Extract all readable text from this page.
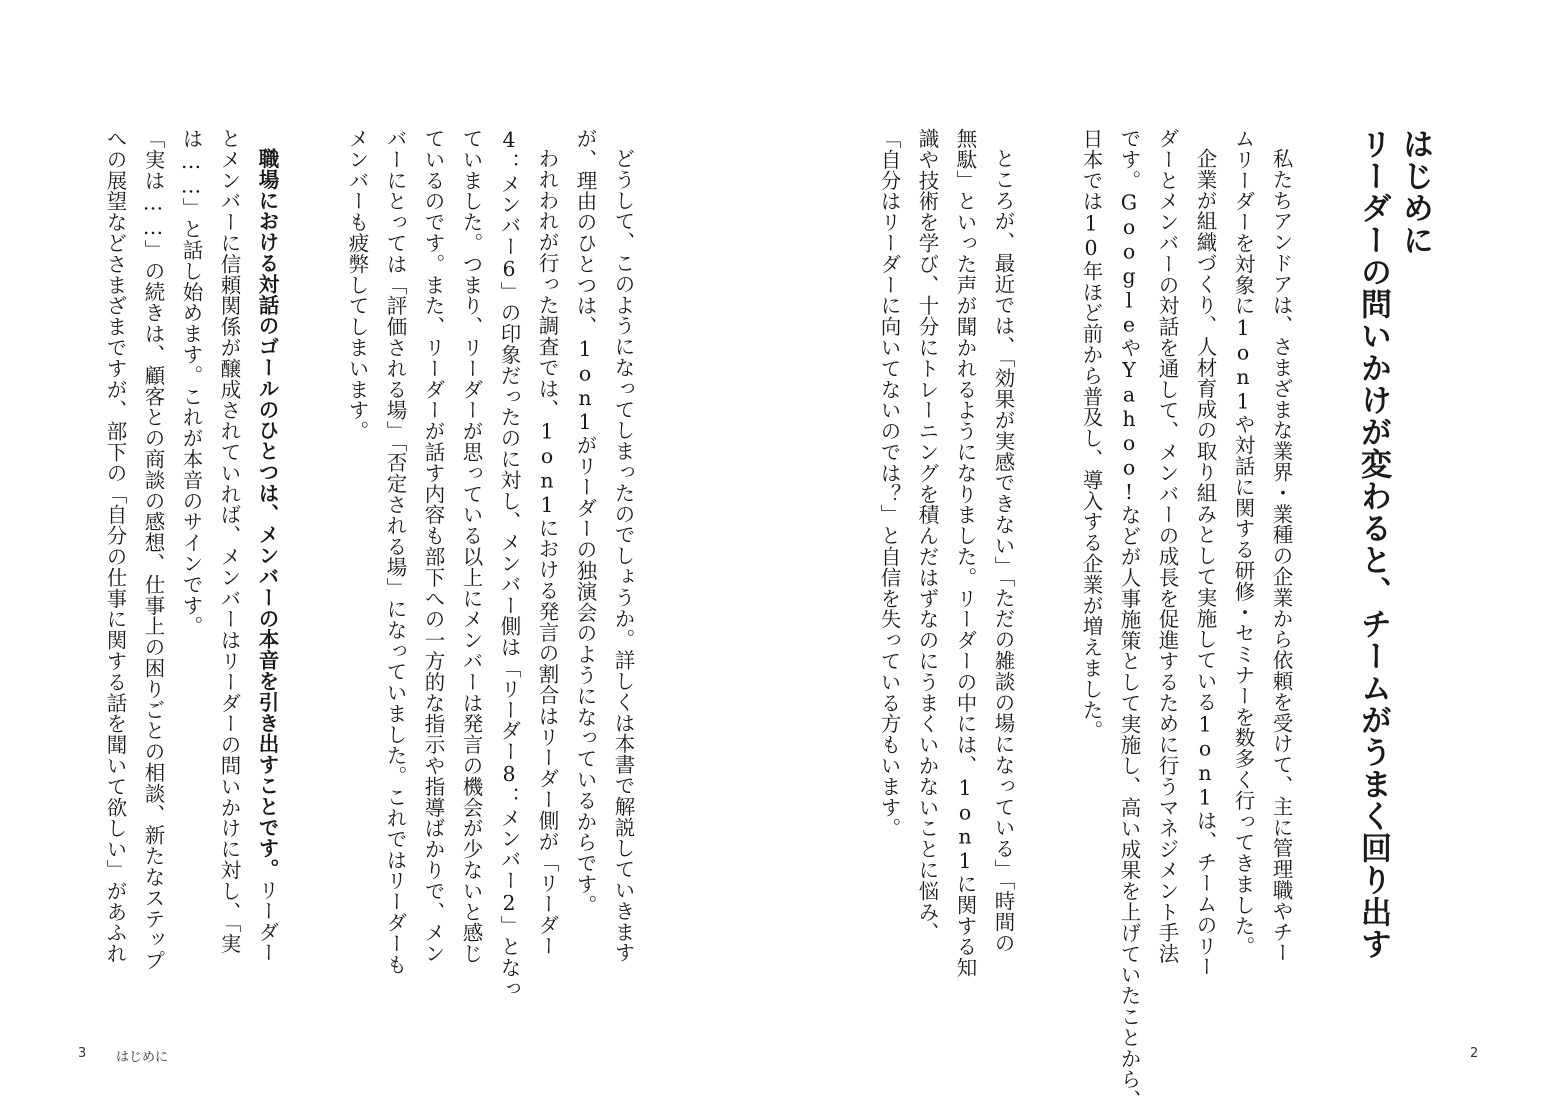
はじめに

リーダーの問いかけが変わると、チームがうまく回り出す

私たちアンドアは、さまざまな業界・業種の企業から依頼を受けて、主に管理職やチー

ムリーダーを対象に1on1や対話に関する研修・セミナーを数多く行ってきました。

企業が組織づくり、人材育成の取り組みとして実施している1on1は、チームのリー

ダーとメンバーの対話を通して、メンバーの成長を促進するために行うマネジメント手法

です。GoogleやYahoo!などが人事施策として実施し、高い成果を上げていたことから、

日本では10年ほど前から普及し、導入する企業が増えました。

ところが、最近では、「効果が実感できない」「ただの雑談の場になっている」「時間の

無駄」といった声が聞かれるようになりました。リーダーの中には、1on1に関する知

識や技術を学び、十分にトレーニングを積んだはずなのにうまくいかないことに悩み、

「自分はリーダーに向いてないのでは？」と自信を失っている方もいます。

2

どうして、このようになってしまったのでしょうか。詳しくは本書で解説していきます

が、理由のひとつは、1on1がリーダーの独演会のようになっているからです。

われわれが行った調査では、1on1における発言の割合はリーダー側が「リーダー

4：メンバー6」の印象だったのに対し、メンバー側は「リーダー8：メンバー2」となっ

ていました。つまり、リーダーが思っている以上にメンバーは発言の機会が少ないと感じ

ているのです。また、リーダーが話す内容も部下への一方的な指示や指導ばかりで、メン

バーにとっては「評価される場」「否定される場」になっていました。これではリーダーも

メンバーも疲弊してしまいます。

職場における対話のゴールのひとつは、メンバーの本音を引き出すことです。リーダー

とメンバーに信頼関係が醸成されていれば、メンバーはリーダーの問いかけに対し、「実

は……」と話し始めます。これが本音のサインです。

「実は……」の続きは、顧客との商談の感想、仕事上の困りごとの相談、新たなステップ

への展望などさまざまですが、部下の「自分の仕事に関する話を聞いて欲しい」があふれ

3 はじめに
